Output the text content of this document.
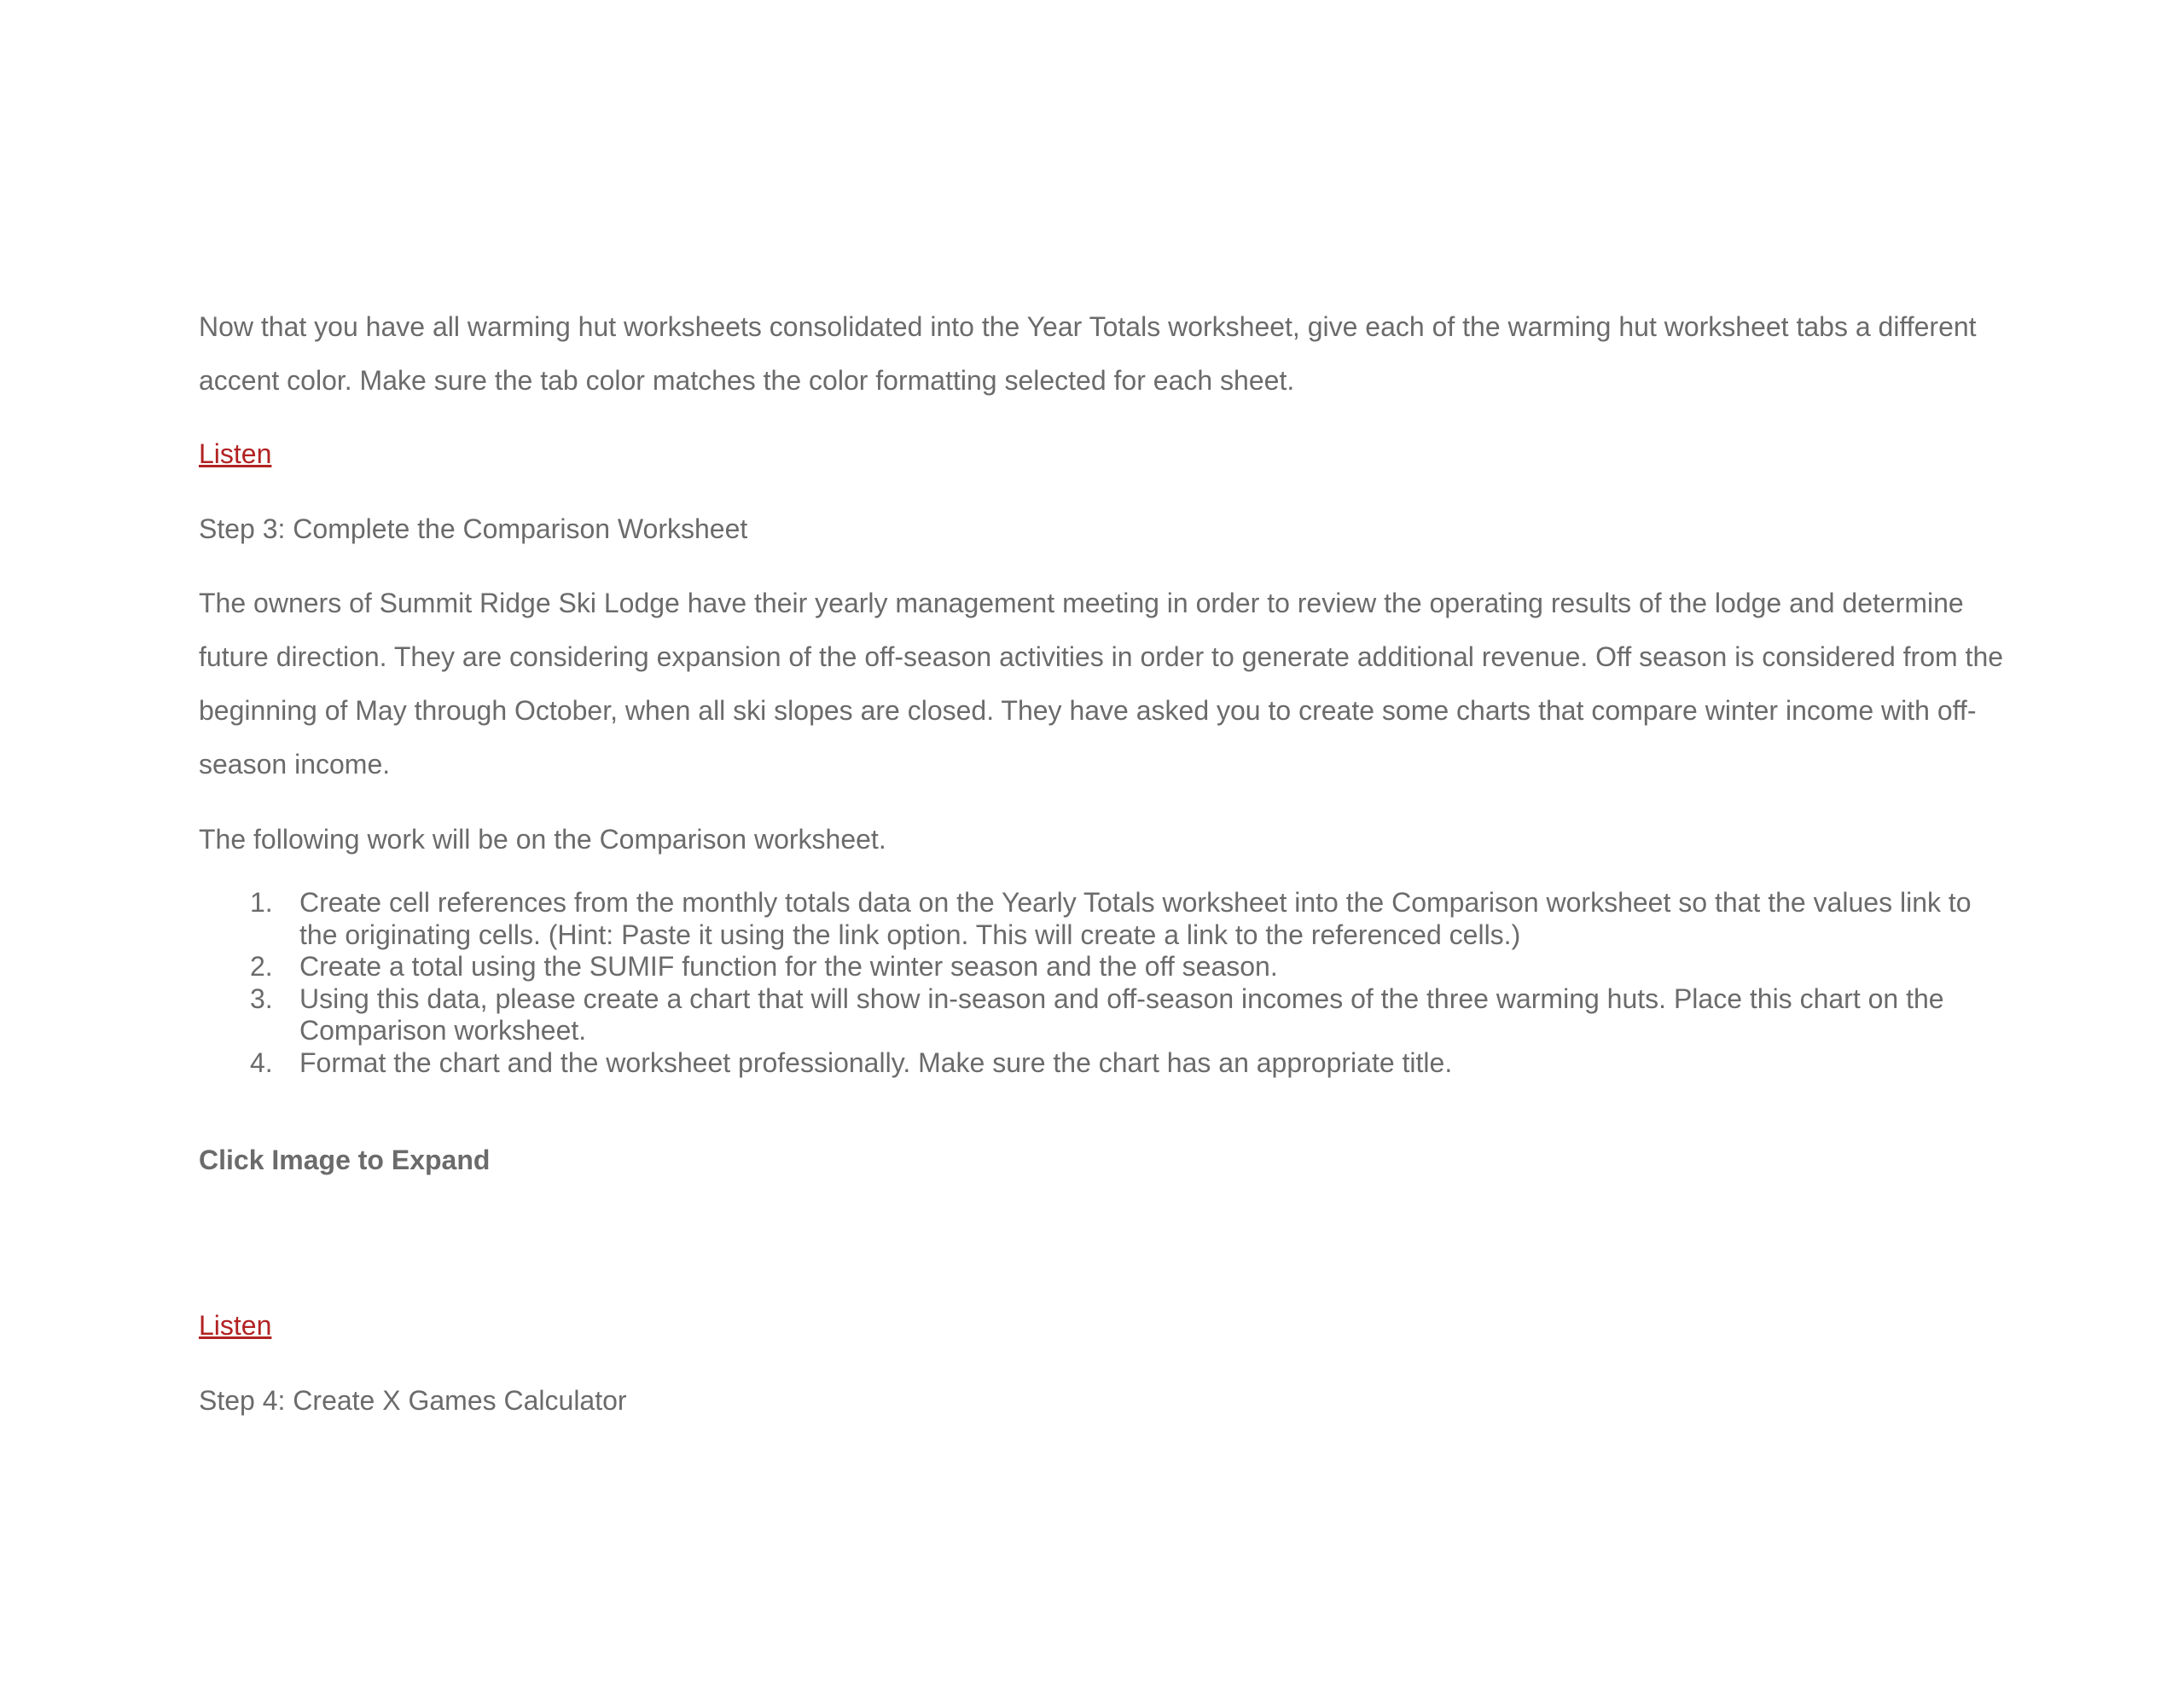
Now that you have all warming hut worksheets consolidated into the Year Totals worksheet, give each of the warming hut worksheet tabs a different accent color. Make sure the tab color matches the color formatting selected for each sheet.

Listen
Step 3: Complete the Comparison Worksheet

The owners of Summit Ridge Ski Lodge have their yearly management meeting in order to review the operating results of the lodge and determine future direction. They are considering expansion of the off-season activities in order to generate additional revenue. Off season is considered from the beginning of May through October, when all ski slopes are closed. They have asked you to create some charts that compare winter income with off-season income.

The following work will be on the Comparison worksheet.
1. Create cell references from the monthly totals data on the Yearly Totals worksheet into the Comparison worksheet so that the values link to the originating cells. (Hint: Paste it using the link option. This will create a link to the referenced cells.)
2. Create a total using the SUMIF function for the winter season and the off season.
3. Using this data, please create a chart that will show in-season and off-season incomes of the three warming huts. Place this chart on the Comparison worksheet.
4. Format the chart and the worksheet professionally. Make sure the chart has an appropriate title.
Click Image to Expand
Listen
Step 4: Create X Games Calculator
